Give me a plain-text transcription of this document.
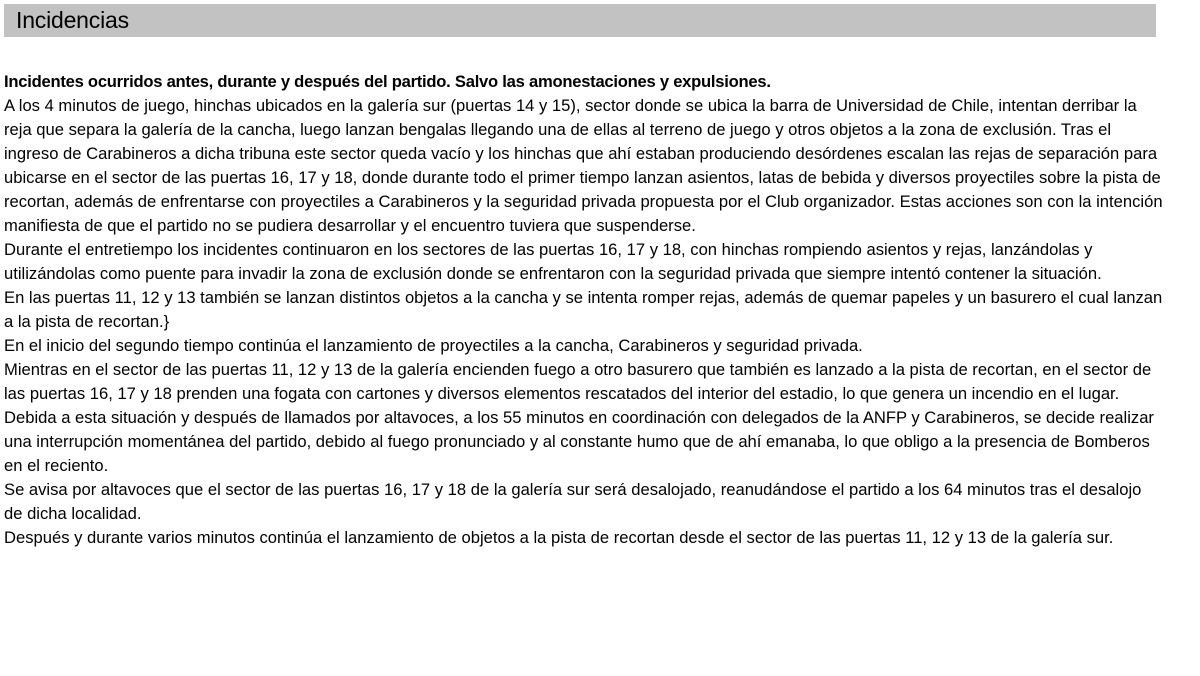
Incidencias

Incidentes ocurridos antes, durante y después del partido. Salvo las amonestaciones y expulsiones.

A los 4 minutos de juego, hinchas ubicados en la galería sur (puertas 14 y 15), sector donde se ubica la barra de Universidad de Chile, intentan derribar la reja que separa la galería de la cancha, luego lanzan bengalas llegando una de ellas al terreno de juego y otros objetos a la zona de exclusión. Tras el ingreso de Carabineros a dicha tribuna este sector queda vacío y los hinchas que ahí estaban produciendo desórdenes escalan las rejas de separación para ubicarse en el sector de las puertas 16, 17 y 18, donde durante todo el primer tiempo lanzan asientos, latas de bebida y diversos proyectiles sobre la pista de recortan, además de enfrentarse con proyectiles a Carabineros y la seguridad privada propuesta por el Club organizador. Estas acciones son con la intención manifiesta de que el partido no se pudiera desarrollar y el encuentro tuviera que suspenderse.

Durante el entretiempo los incidentes continuaron en los sectores de las puertas 16, 17 y 18, con hinchas rompiendo asientos y rejas, lanzándolas y utilizándolas como puente para invadir la zona de exclusión donde se enfrentaron con la seguridad privada que siempre intentó contener la situación.

En las puertas 11, 12 y 13 también se lanzan distintos objetos a la cancha y se intenta romper rejas, además de quemar papeles y un basurero el cual lanzan a la pista de recortan.}

En el inicio del segundo tiempo continúa el lanzamiento de proyectiles a la cancha, Carabineros y seguridad privada.

Mientras en el sector de las puertas 11, 12 y 13 de la galería encienden fuego a otro basurero que también es lanzado a la pista de recortan, en el sector de las puertas 16, 17 y 18 prenden una fogata con cartones y diversos elementos rescatados del interior del estadio, lo que genera un incendio en el lugar.

Debida a esta situación y después de llamados por altavoces, a los 55 minutos en coordinación con delegados de la ANFP y Carabineros, se decide realizar una interrupción momentánea del partido, debido al fuego pronunciado y al constante humo que de ahí emanaba, lo que obligo a la presencia de Bomberos en el reciento.

Se avisa por altavoces que el sector de las puertas 16, 17 y 18 de la galería sur será desalojado, reanudándose el partido a los 64 minutos tras el desalojo de dicha localidad.

Después y durante varios minutos continúa el lanzamiento de objetos a la pista de recortan desde el sector de las puertas 11, 12 y 13 de la galería sur.
